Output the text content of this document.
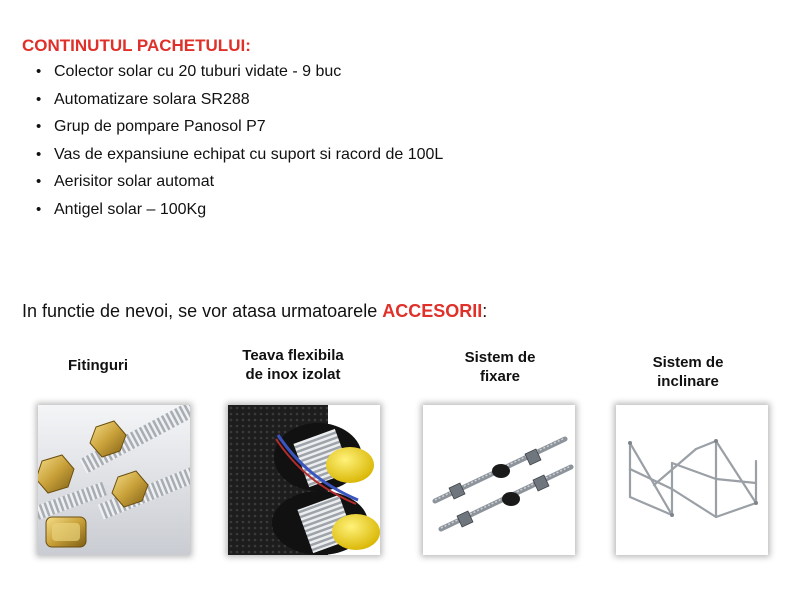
CONTINUTUL PACHETULUI:
• Colector solar cu 20 tuburi vidate - 9 buc
• Automatizare solara SR288
• Grup de pompare Panosol P7
• Vas de expansiune echipat cu suport si racord de 100L
• Aerisitor solar automat
• Antigel solar – 100Kg
In functie de nevoi, se vor atasa urmatoarele ACCESORII:
Fitinguri
Teava flexibila
de inox izolat
Sistem de
fixare
Sistem de
inclinare
